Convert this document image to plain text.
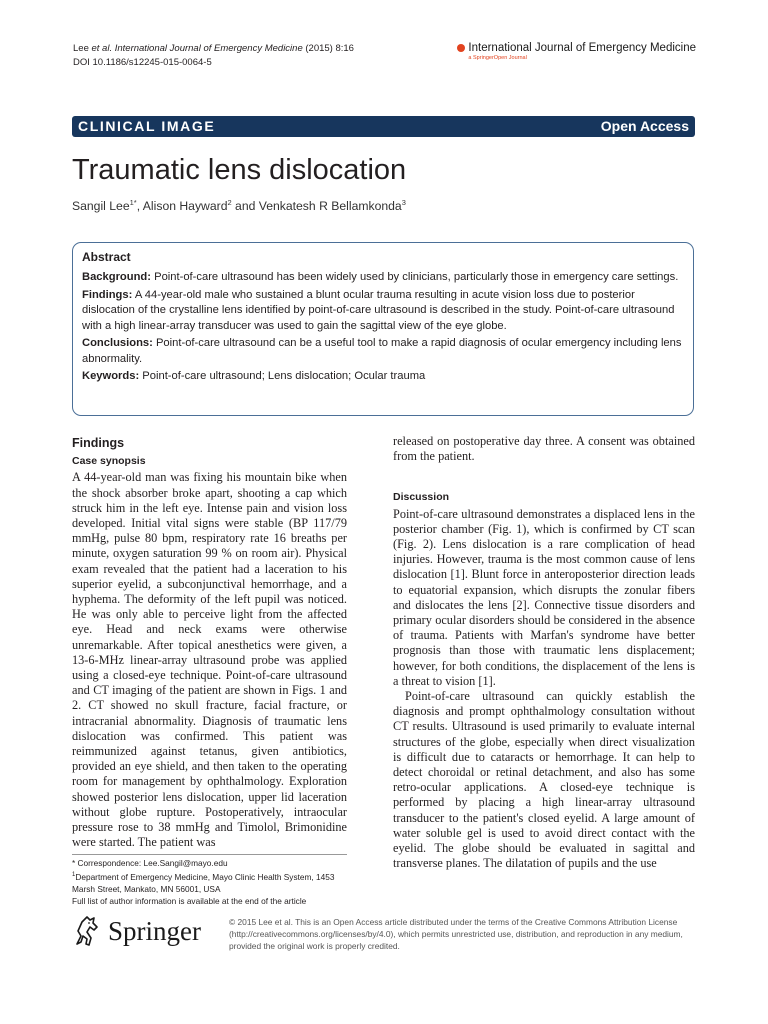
Lee et al. International Journal of Emergency Medicine (2015) 8:16
DOI 10.1186/s12245-015-0064-5
International Journal of Emergency Medicine
a SpringerOpen Journal
CLINICAL IMAGE	Open Access
Traumatic lens dislocation
Sangil Lee$^{1*}$, Alison Hayward$^2$ and Venkatesh R Bellamkonda$^3$
Abstract

Background: Point-of-care ultrasound has been widely used by clinicians, particularly those in emergency care settings.

Findings: A 44-year-old male who sustained a blunt ocular trauma resulting in acute vision loss due to posterior dislocation of the crystalline lens identified by point-of-care ultrasound is described in the study. Point-of-care ultrasound with a high linear-array transducer was used to gain the sagittal view of the eye globe.

Conclusions: Point-of-care ultrasound can be a useful tool to make a rapid diagnosis of ocular emergency including lens abnormality.

Keywords: Point-of-care ultrasound; Lens dislocation; Ocular trauma

Findings
Case synopsis

A 44-year-old man was fixing his mountain bike when the shock absorber broke apart, shooting a cap which struck him in the left eye. Intense pain and vision loss developed. Initial vital signs were stable (BP 117/79 mmHg, pulse 80 bpm, respiratory rate 16 breaths per minute, oxygen saturation 99 % on room air). Physical exam revealed that the patient had a laceration to his superior eyelid, a subconjunctival hemorrhage, and a hyphema. The deformity of the left pupil was noticed. He was only able to perceive light from the affected eye. Head and neck exams were otherwise unremarkable. After topical anesthetics were given, a 13-6-MHz linear-array ultrasound probe was applied using a closed-eye technique. Point-of-care ultrasound and CT imaging of the patient are shown in Figs. 1 and 2. CT showed no skull fracture, facial fracture, or intracranial abnormality. Diagnosis of traumatic lens dislocation was confirmed. This patient was reimmunized against tetanus, given antibiotics, provided an eye shield, and then taken to the operating room for management by ophthalmology. Exploration showed posterior lens dislocation, upper lid laceration without globe rupture. Postoperatively, intraocular pressure rose to 38 mmHg and Timolol, Brimonidine were started. The patient was

released on postoperative day three. A consent was obtained from the patient.

Discussion

Point-of-care ultrasound demonstrates a displaced lens in the posterior chamber (Fig. 1), which is confirmed by CT scan (Fig. 2). Lens dislocation is a rare complication of head injuries. However, trauma is the most common cause of lens dislocation [1]. Blunt force in anteroposterior direction leads to equatorial expansion, which disrupts the zonular fibers and dislocates the lens [2]. Connective tissue disorders and primary ocular disorders should be considered in the absence of trauma. Patients with Marfan's syndrome have better prognosis than those with traumatic lens displacement; however, for both conditions, the displacement of the lens is a threat to vision [1].

Point-of-care ultrasound can quickly establish the diagnosis and prompt ophthalmology consultation without CT results. Ultrasound is used primarily to evaluate internal structures of the globe, especially when direct visualization is difficult due to cataracts or hemorrhage. It can help to detect choroidal or retinal detachment, and also has some retro-ocular applications. A closed-eye technique is performed by placing a high linear-array ultrasound transducer to the patient's closed eyelid. A large amount of water soluble gel is used to avoid direct contact with the eyelid. The globe should be evaluated in sagittal and transverse planes. The dilatation of pupils and the use

* Correspondence: Lee.Sangil@mayo.edu
$^1$Department of Emergency Medicine, Mayo Clinic Health System, 1453 Marsh Street, Mankato, MN 56001, USA
Full list of author information is available at the end of the article
Springer	© 2015 Lee et al. This is an Open Access article distributed under the terms of the Creative Commons Attribution License (http://creativecommons.org/licenses/by/4.0), which permits unrestricted use, distribution, and reproduction in any medium, provided the original work is properly credited.
